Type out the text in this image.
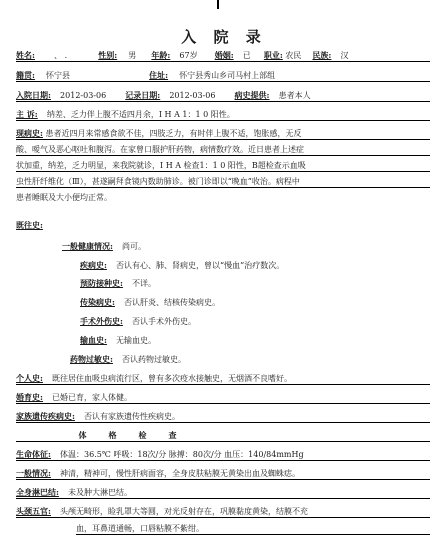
入 院 录
姓名: 、 .	性别: 男 年龄: 67岁 婚姻: 已 职业: 农民 民族: 汉
籍贯: 怀宁县	住址: 怀宁县秀山乡司马村上部组
入院日期: 2012-03-06 记录日期: 2012-03-06 病史提供: 患者本人
主 诉: 纳差、乏力伴上腹不适四月余，I H A 1：1 0 阳性。
现病史: 患者近四月来常感食欲不佳，四肢乏力，有时伴上腹不适，饱胀感，无反
酸、嗳气及恶心呕吐和腹泻。在家曾口服护肝药物，病情数疗效。近日患者上述症
状加重，纳差，乏力明显，来我院就诊，I H A 检查1：1 0 阳性，B超检查示血吸
虫性肝纤维化（Ⅲ），甚遂嗣拜食镜内数助肺诊。被门诊即以“晚血”收治。病程中
患者睡眠及大小便均正常。
既往史:
一般健康情况: 尚可。
疾病史: 否认有心、肺、肾病史，曾以“慢血”治疗数次。
预防接种史: 不详。
传染病史: 否认肝炎、结核传染病史。
手术外伤史: 否认手术外伤史。
输血史: 无输血史。
药物过敏史: 否认药物过敏史。
个人史: 既往居住血吸虫病流行区，曾有多次疫水接触史，无烟酒不良嗜好。
婚育史: 已婚已育，家人体健。
家族遗传疾病史: 否认有家族遗传性疾病史。
体格检查
生命体征: 体温：36.5℃ 呼吸：18次/分 脉搏：80次/分 血压：140/84mmHg
一般情况: 神清，精神可，慢性肝病面容，全身皮肤粘膜无黄染出血及蜘蛛痣。
全身淋巴结: 未及肿大淋巴结。
头颈五官: 头颅无畸形，睑乳罩大等圆，对光反射存在，巩膜黏度黄染，结膜不充
血，耳鼻道通畅，口唇粘膜不紫绀。
